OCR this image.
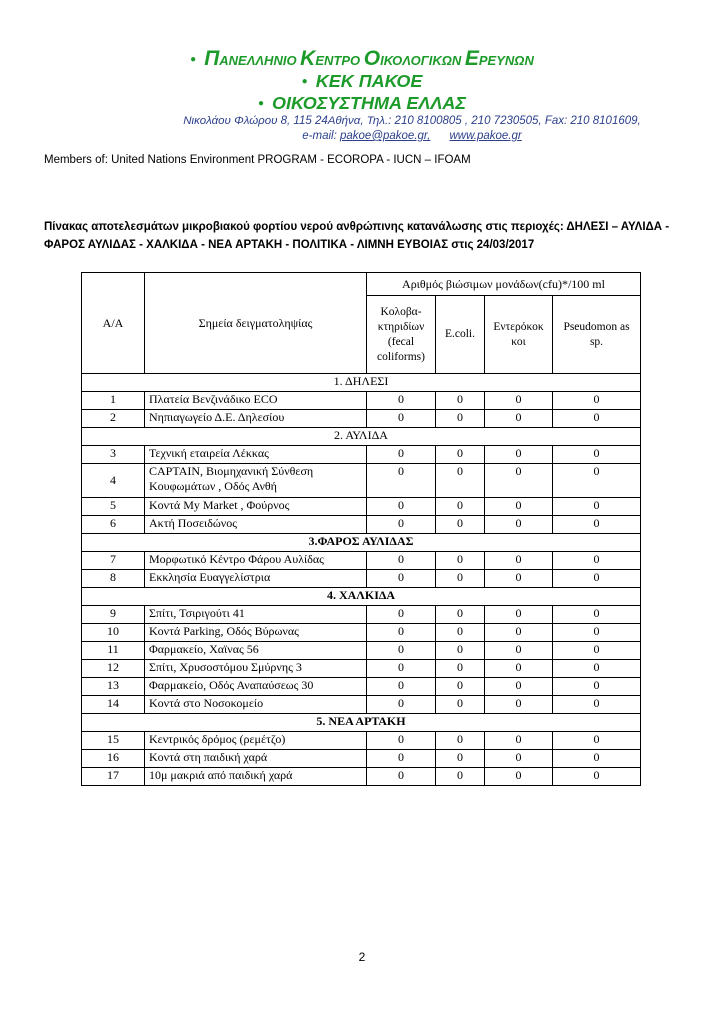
● ΠΑΝΕΛΛΗΝΙΟ ΚΕΝΤΡΟ ΟΙΚΟΛΟΓΙΚΩΝ ΕΡΕΥΝΩΝ
● ΚΕΚ ΠΑΚΟΕ
● ΟΙΚΟΣΥΣΤΗΜΑ ΕΛΛΑΣ
Νικολάου Φλώρου 8, 115 24Αθήνα, Τηλ.: 210 8100805 , 210 7230505, Fax: 210 8101609,
e-mail: pakoe@pakoe.gr, www.pakoe.gr
Members of: United Nations Environment PROGRAM - ECOROPA - IUCN – IFOAM
Πίνακας αποτελεσμάτων μικροβιακού φορτίου νερού ανθρώπινης κατανάλωσης στις περιοχές: ΔΗΛΕΣΙ – ΑΥΛΙΔΑ - ΦΑΡΟΣ ΑΥΛΙΔΑΣ - ΧΑΛΚΙΔΑ - ΝΕΑ ΑΡΤΑΚΗ - ΠΟΛΙΤΙΚΑ - ΛΙΜΝΗ ΕΥΒΟΙΑΣ στις 24/03/2017
Α/Α	Σημεία δειγματοληψίας	Αριθμός βιώσιμων μονάδων(cfu)*/100 ml			
		Κολοβα-κτηριδίων (fecal coliforms)	E.coli.	Εντερόκοκ κοι	Pseudomon as sp.
1. ΔΗΛΕΣΙ					
1	Πλατεία Βενζινάδικο ECO	0	0	0	0
2	Νηπιαγωγείο Δ.Ε. Δηλεσίου	0	0	0	0
2. ΑΥΛΙΔΑ					
3	Τεχνική εταιρεία Λέκκας	0	0	0	0
4	CAPTAIN, Βιομηχανική Σύνθεση Κουφωμάτων , Οδός Ανθή	0	0	0	0
5	Κοντά My Market , Φούρνος	0	0	0	0
6	Ακτή Ποσειδώνος	0	0	0	0
3.ΦΑΡΟΣ ΑΥΛΙΔΑΣ					
7	Μορφωτικό Κέντρο Φάρου Αυλίδας	0	0	0	0
8	Εκκλησία Ευαγγελίστρια	0	0	0	0
4. ΧΑΛΚΙΔΑ					
9	Σπίτι, Τσιριγούτι 41	0	0	0	0
10	Κοντά Parking, Οδός Βύρωνας	0	0	0	0
11	Φαρμακείο, Χαϊνας 56	0	0	0	0
12	Σπίτι, Χρυσοστόμου Σμύρνης 3	0	0	0	0
13	Φαρμακείο, Οδός Αναπαύσεως 30	0	0	0	0
14	Κοντά στο Νοσοκομείο	0	0	0	0
5. ΝΕΑ ΑΡΤΑΚΗ					
15	Κεντρικός δρόμος (ρεμέτζο)	0	0	0	0
16	Κοντά στη παιδική χαρά	0	0	0	0
17	10μ μακριά από παιδική χαρά	0	0	0	0
2
